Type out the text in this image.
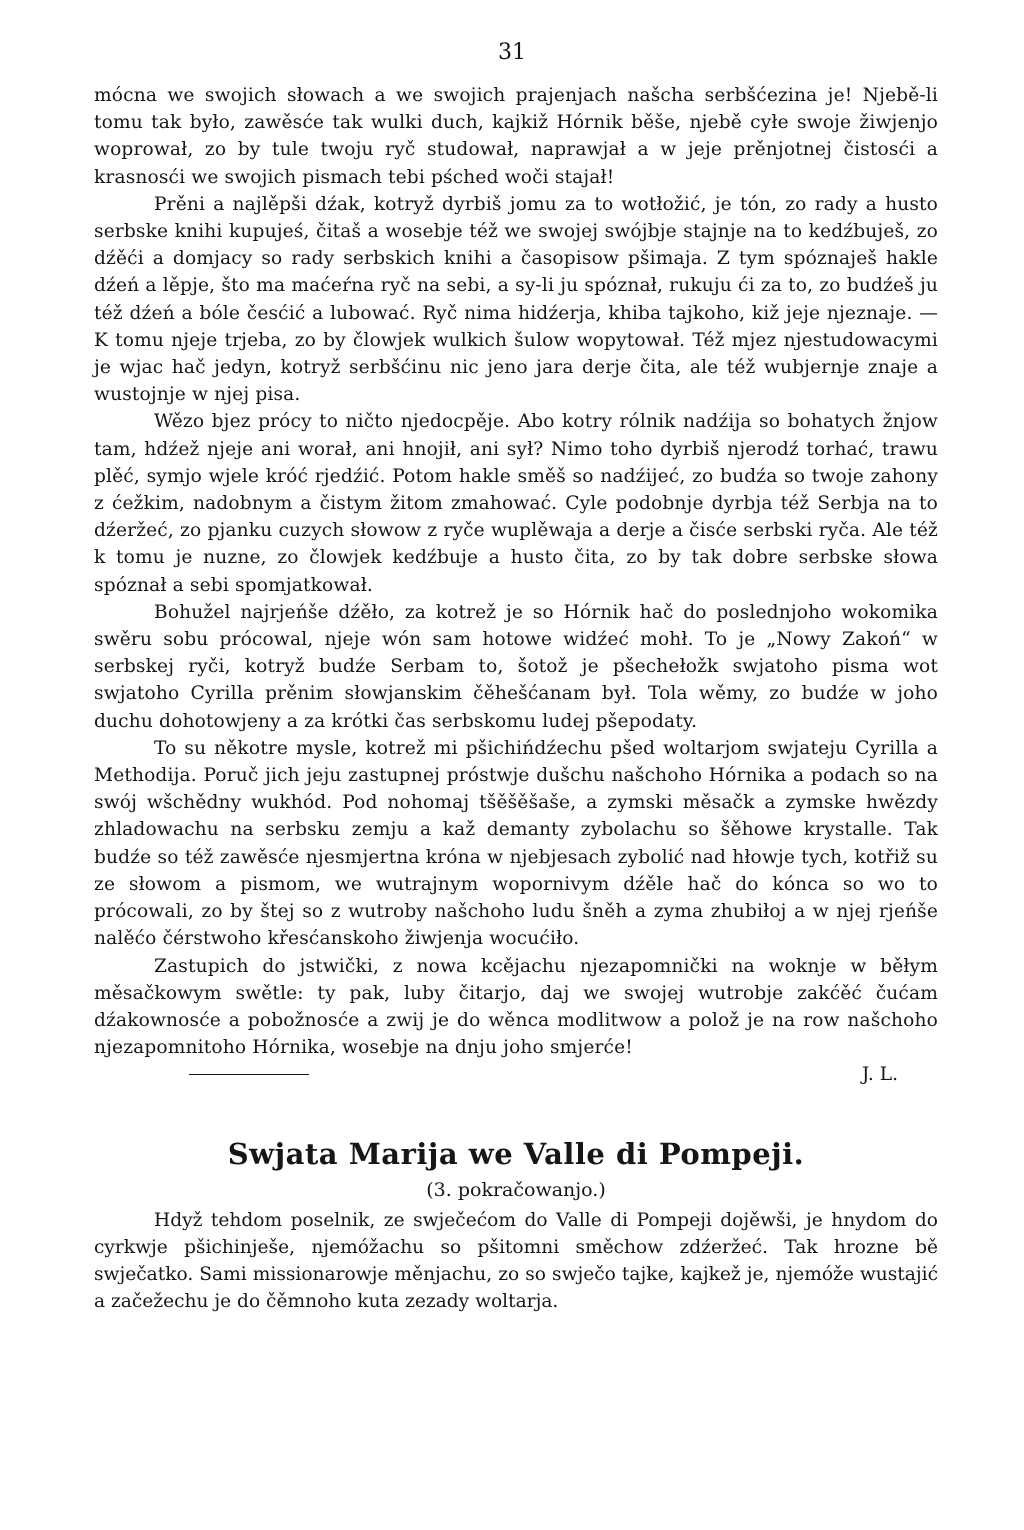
31

mócna we swojich słowach a we swojich prajenjach našcha serbšćezina je! Njebě-li tomu tak było, zawěsće tak wulki duch, kajkiž Hórnik běše, njebě cyłe swoje žiwjenjo woprował, zo by tule twoju ryč studował, naprawjał a w jeje prěnjotnej čistosći a krasnosći we swojich pismach tebi pśched woči stajał!

Prěni a najlěpši dźak, kotryž dyrbiš jomu za to wotłožić, je tón, zo rady a husto serbske knihi kupujeś, čitaš a wosebje též we swojej swójbje stajnje na to kedźbuješ, zo dźěći a domjacy so rady serbskich knihi a časopisow pšimaja. Z tym spóznaješ hakle dźeń a lěpje, što ma maćeŕna ryč na sebi, a sy-li ju spóznał, rukuju ći za to, zo budźeš ju též dźeń a bóle česćić a lubować. Ryč nima hidźerja, khiba tajkoho, kiž jeje njeznaje. — K tomu njeje trjeba, zo by člowjek wulkich šulow wopytował. Též mjez njestudowacymi je wjac hač jedyn, kotryž serbšćinu nic jeno jara derje čita, ale též wubjernje znaje a wustojnje w njej pisa.

Wězo bjez prócy to ničto njedocpěje. Abo kotry rólnik nadźija so bohatych žnjow tam, hdźež njeje ani worał, ani hnojił, ani sył? Nimo toho dyrbiš njerodź torhać, trawu plěć, symjo wjele króć rjedźić. Potom hakle směš so nadźijeć, zo budźa so twoje zahony z ćežkim, nadobnym a čistym žitom zmahować. Cyle podobnje dyrbja též Serbja na to dźeržeć, zo pjanku cuzych słowow z ryče wuplěwaja a derje a čisće serbski ryča. Ale též k tomu je nuzne, zo člowjek kedźbuje a husto čita, zo by tak dobre serbske słowa spóznał a sebi spomjatkował.

Bohužel najrjeńše dźěło, za kotrež je so Hórnik hač do poslednjoho wokomika swěru sobu prócowal, njeje wón sam hotowe widźeć mohł. To je „Nowy Zakoń“ w serbskej ryči, kotryž budźe Serbam to, šotož je pšechełožk swjatoho pisma wot swjatoho Cyrilla prěnim słowjanskim čěhešćanam był. Tola wěmy, zo budźe w joho duchu dohotowjeny a za krótki čas serbskomu ludej pšepodaty.

To su někotre mysle, kotrež mi pšichińdźechu pšed woltarjom swjateju Cyrilla a Methodija. Poruč jich jeju zastupnej próstwje dušchu našchoho Hórnika a podach so na swój wšchědny wukhód. Pod nohomaj tšěšěšaše, a zymski měsačk a zymske hwězdy zhladowachu na serbsku zemju a kaž demanty zybolachu so šěhowe krystalle. Tak budźe so též zawěsće njesmjertna króna w njebjesach zybolić nad hłowje tych, kotřiž su ze słowom a pismom, we wutrajnym wopornivym dźěle hač do kónca so wo to prócowali, zo by štej so z wutroby našchoho ludu šněh a zyma zhubiłoj a w njej rjeńše nalěćo čérstwoho křesćanskoho žiwjenja wocućiło.

Zastupich do jstwički, z nowa kcějachu njezapomnički na woknje w běłym měsačkowym swětle: ty pak, luby čitarjo, daj we swojej wutrobje zakćěć čućam dźakownosće a pobožnosće a zwij je do wěnca modlitwow a polož je na row našchoho njezapomnitoho Hórnika, wosebje na dnju joho smjerće!

J. L.
Swjata Marija we Valle di Pompeji.
(3. pokračowanjo.)

Hdyž tehdom poselnik, ze swječećom do Valle di Pompeji dojěwši, je hnydom do cyrkwje pšichinješe, njemóžachu so pšitomni směchow zdźeržeć. Tak hrozne bě swječatko. Sami missionarowje měnjachu, zo so swječo tajke, kajkež je, njemóže wustajić a začežechu je do čěmnoho kuta zezady woltarja.
